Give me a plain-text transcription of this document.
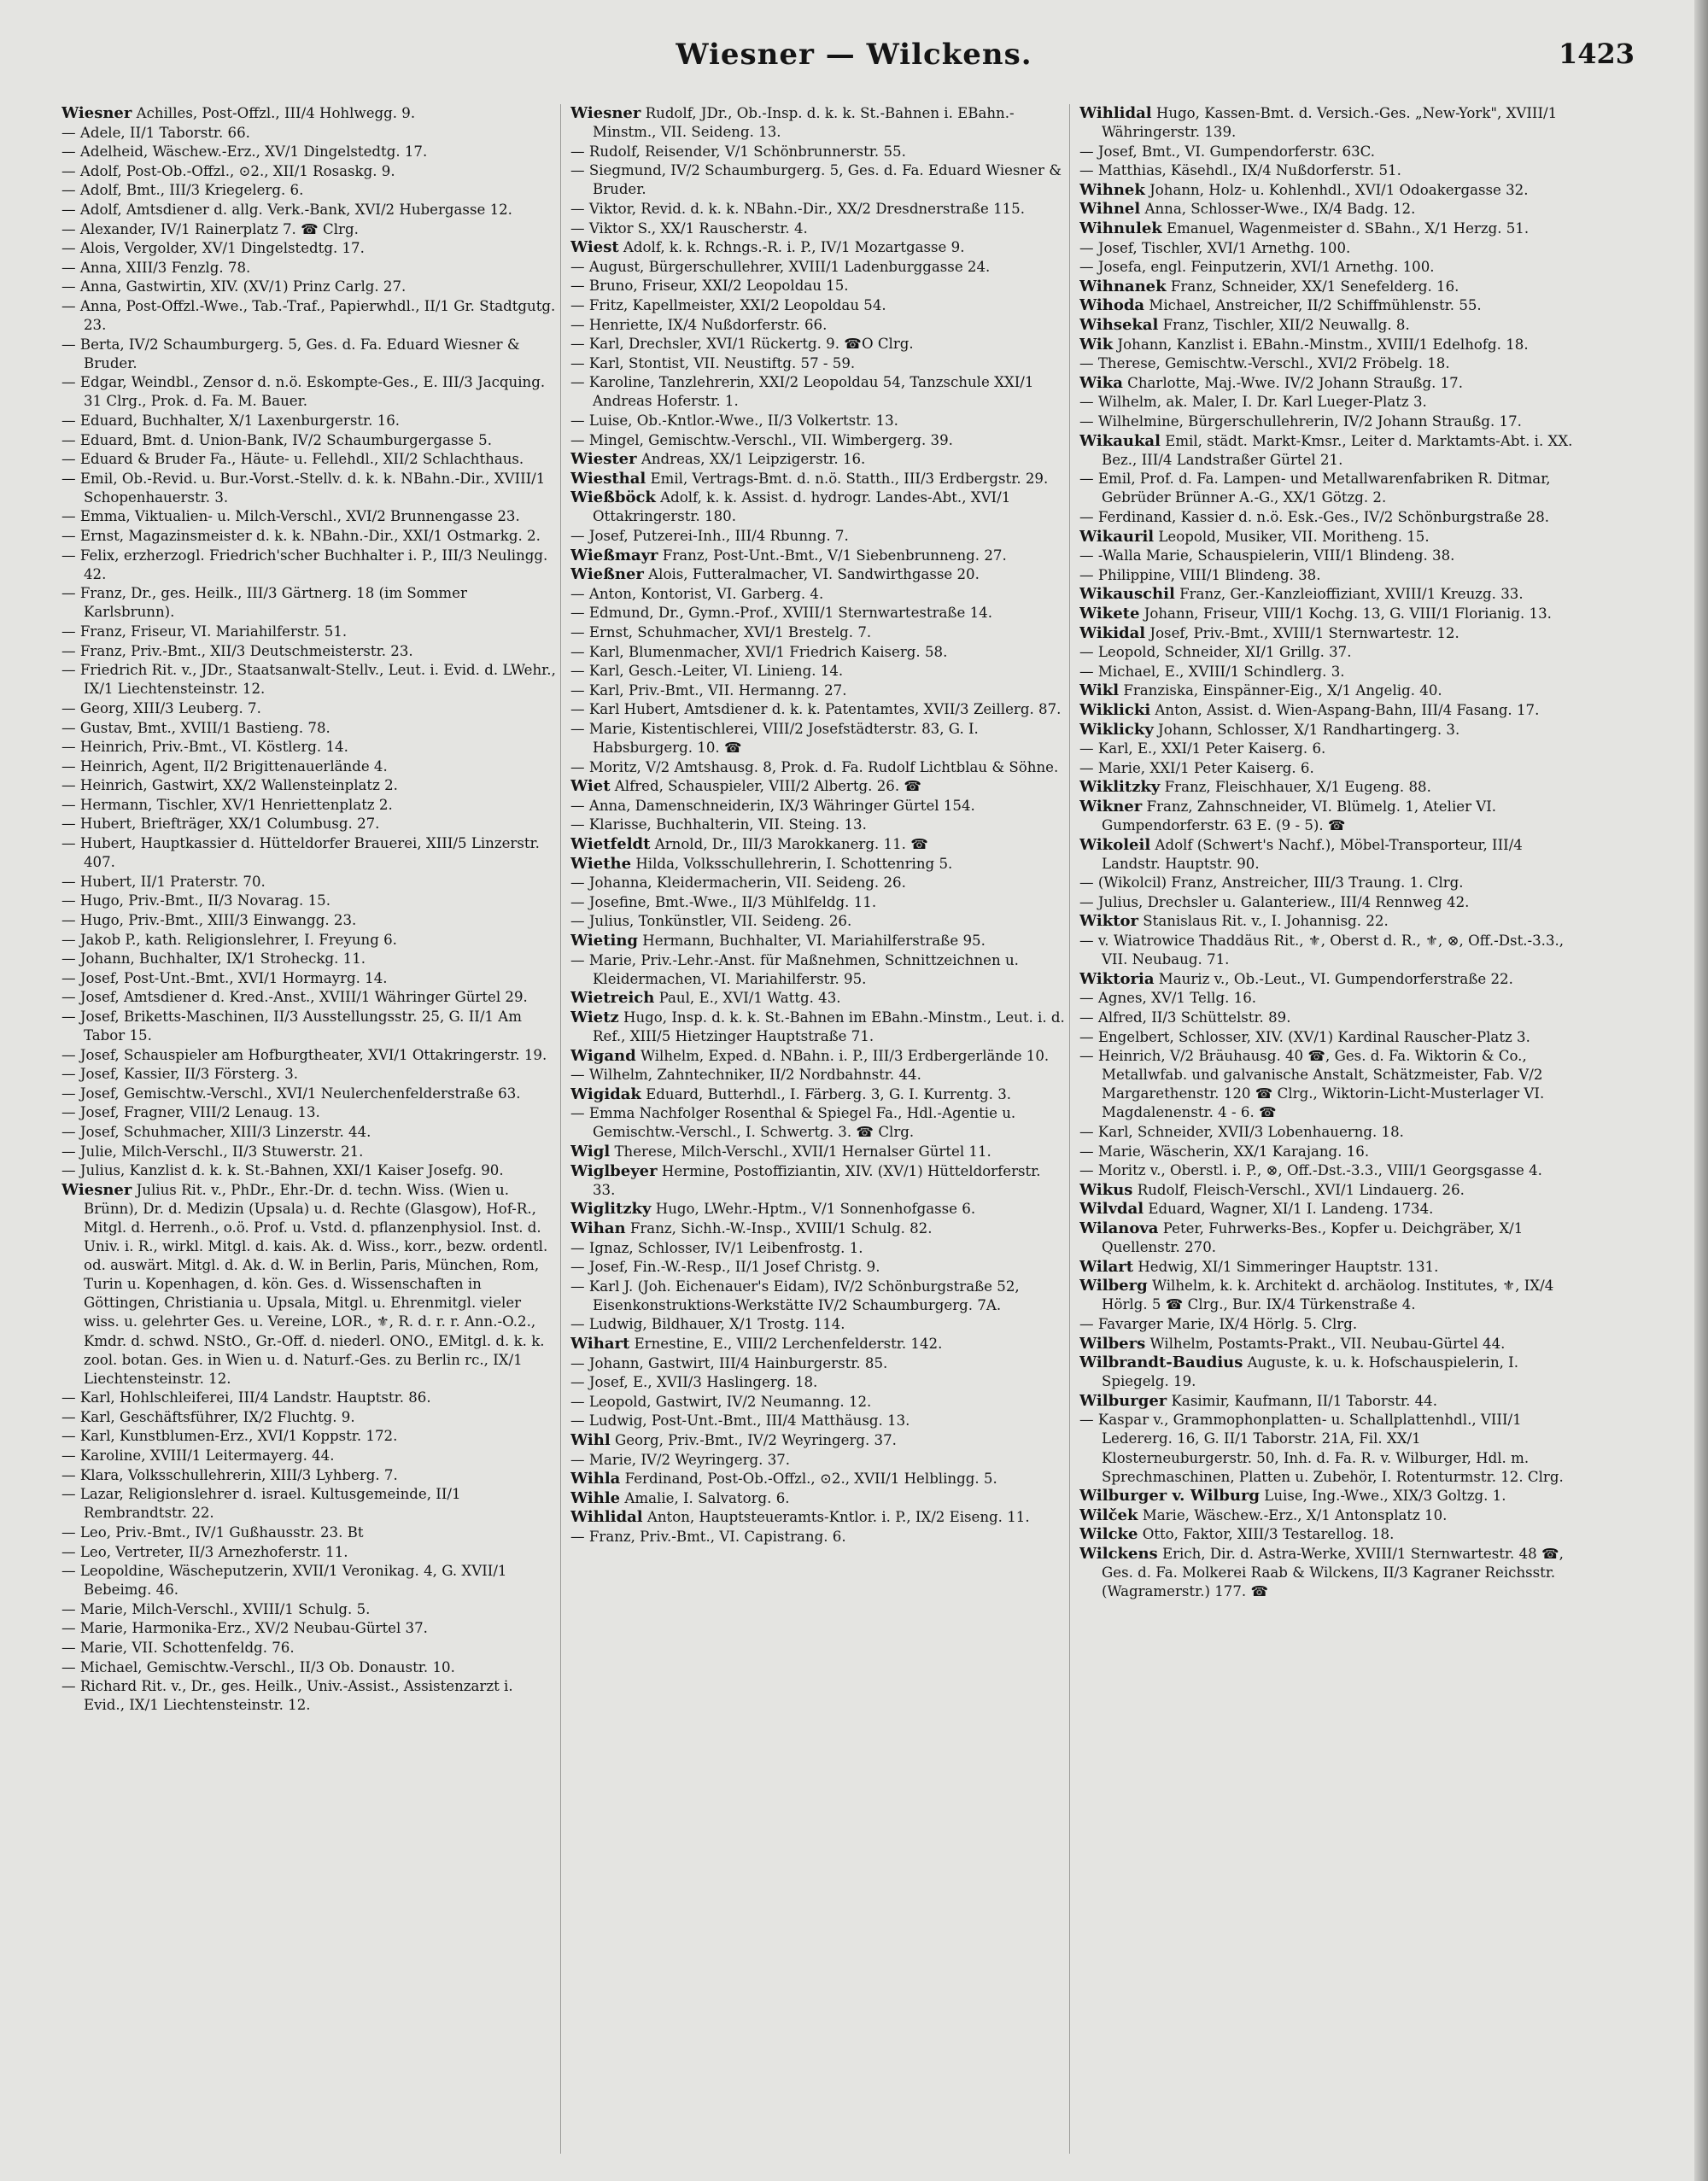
Wiesner — Wilckens.	1423
Wiesner Achilles, Post-Offzl., III/4 Hohlwegg. 9.
— Adele, II/1 Taborstr. 66.
— Adelheid, Wäschew.-Erz., XV/1 Dingelstedtg. 17.
— Adolf, Post-Ob.-Offzl., ⊙2., XII/1 Rosaskg. 9.
— Adolf, Bmt., III/3 Kriegelerg. 6.
— Adolf, Amtsdiener d. allg. Verk.-Bank, XVI/2 Hubergasse 12.
— Alexander, IV/1 Rainerplatz 7. ☎ Clrg.
— Alois, Vergolder, XV/1 Dingelstedtg. 17.
— Anna, XIII/3 Fenzlg. 78.
— Anna, Gastwirtin, XIV. (XV/1) Prinz Carlg. 27.
— Anna, Post-Offzl.-Wwe., Tab.-Traf., Papierwhdl., II/1 Gr. Stadtgutg. 23.
— Berta, IV/2 Schaumburgerg. 5, Ges. d. Fa. Eduard Wiesner & Bruder.
— Edgar, Weindbl., Zensor d. n.ö. Eskompte-Ges., E. III/3 Jacquing. 31 Clrg., Prok. d. Fa. M. Bauer.
— Eduard, Buchhalter, X/1 Laxenburgerstr. 16.
— Eduard, Bmt. d. Union-Bank, IV/2 Schaumburgergasse 5.
— Eduard & Bruder Fa., Häute- u. Fellehdl., XII/2 Schlachthaus.
— Emil, Ob.-Revid. u. Bur.-Vorst.-Stellv. d. k. k. NBahn.-Dir., XVIII/1 Schopenhauerstr. 3.
— Emma, Viktualien- u. Milch-Verschl., XVI/2 Brunnengasse 23.
— Ernst, Magazinsmeister d. k. k. NBahn.-Dir., XXI/1 Ostmarkg. 2.
— Felix, erzherzogl. Friedrich'scher Buchhalter i. P., III/3 Neulingg. 42.
— Franz, Dr., ges. Heilk., III/3 Gärtnerg. 18 (im Sommer Karlsbrunn).
— Franz, Friseur, VI. Mariahilferstr. 51.
— Franz, Priv.-Bmt., XII/3 Deutschmeisterstr. 23.
— Friedrich Rit. v., JDr., Staatsanwalt-Stellv., Leut. i. Evid. d. LWehr., IX/1 Liechtensteinstr. 12.
— Georg, XIII/3 Leuberg. 7.
— Gustav, Bmt., XVIII/1 Bastieng. 78.
— Heinrich, Priv.-Bmt., VI. Köstlerg. 14.
— Heinrich, Agent, II/2 Brigittenauerlände 4.
— Heinrich, Gastwirt, XX/2 Wallensteinplatz 2.
— Hermann, Tischler, XV/1 Henriettenplatz 2.
— Hubert, Briefträger, XX/1 Columbusg. 27.
— Hubert, Hauptkassier d. Hütteldorfer Brauerei, XIII/5 Linzerstr. 407.
— Hubert, II/1 Praterstr. 70.
— Hugo, Priv.-Bmt., II/3 Novarag. 15.
— Hugo, Priv.-Bmt., XIII/3 Einwangg. 23.
— Jakob P., kath. Religionslehrer, I. Freyung 6.
— Johann, Buchhalter, IX/1 Stroheckg. 11.
— Josef, Post-Unt.-Bmt., XVI/1 Hormayrg. 14.
— Josef, Amtsdiener d. Kred.-Anst., XVIII/1 Währinger Gürtel 29.
— Josef, Briketts-Maschinen, II/3 Ausstellungsstr. 25, G. II/1 Am Tabor 15.
— Josef, Schauspieler am Hofburgtheater, XVI/1 Ottakringerstr. 19.
— Josef, Kassier, II/3 Försterg. 3.
— Josef, Gemischtw.-Verschl., XVI/1 Neulerchenfelderstraße 63.
— Josef, Fragner, VIII/2 Lenaug. 13.
— Josef, Schuhmacher, XIII/3 Linzerstr. 44.
— Julie, Milch-Verschl., II/3 Stuwerstr. 21.
— Julius, Kanzlist d. k. k. St.-Bahnen, XXI/1 Kaiser Josefg. 90.
Wiesner Julius Rit. v., PhDr., Ehr.-Dr. d. techn. Wiss. (Wien u. Brünn), Dr. d. Medizin (Upsala) u. d. Rechte (Glasgow), Hof-R., Mitgl. d. Herrenh., o.ö. Prof. u. Vstd. d. pflanzenphysiol. Inst. d. Univ. i. R., wirkl. Mitgl. d. kais. Ak. d. Wiss., korr., bezw. ordentl. od. auswärt. Mitgl. d. Ak. d. W. in Berlin, Paris, München, Rom, Turin u. Kopenhagen, d. kön. Ges. d. Wissenschaften in Göttingen, Christiania u. Upsala, Mitgl. u. Ehrenmitgl. vieler wiss. u. gelehrter Ges. u. Vereine, LOR., ⚜, R. d. r. r. Ann.-O.2., Kmdr. d. schwd. NStO., Gr.-Off. d. niederl. ONO., EMitgl. d. k. k. zool. botan. Ges. in Wien u. d. Naturf.-Ges. zu Berlin rc., IX/1 Liechtensteinstr. 12.
— Karl, Hohlschleiferei, III/4 Landstr. Hauptstr. 86.
— Karl, Geschäftsführer, IX/2 Fluchtg. 9.
— Karl, Kunstblumen-Erz., XVI/1 Koppstr. 172.
— Karoline, XVIII/1 Leitermayerg. 44.
— Klara, Volksschullehrerin, XIII/3 Lyhberg. 7.
— Lazar, Religionslehrer d. israel. Kultusgemeinde, II/1 Rembrandtstr. 22.
— Leo, Priv.-Bmt., IV/1 Gußhausstr. 23. Bt
— Leo, Vertreter, II/3 Arnezhoferstr. 11.
— Leopoldine, Wäscheputzerin, XVII/1 Veronikag. 4, G. XVII/1 Bebeimg. 46.
— Marie, Milch-Verschl., XVIII/1 Schulg. 5.
— Marie, Harmonika-Erz., XV/2 Neubau-Gürtel 37.
— Marie, VII. Schottenfeldg. 76.
— Michael, Gemischtw.-Verschl., II/3 Ob. Donaustr. 10.
— Richard Rit. v., Dr., ges. Heilk., Univ.-Assist., Assistenzarzt i. Evid., IX/1 Liechtensteinstr. 12.
Wiesner Rudolf, JDr., Ob.-Insp. d. k. k. St.-Bahnen i. EBahn.-Minstm., VII. Seideng. 13.
— Rudolf, Reisender, V/1 Schönbrunnerstr. 55.
— Siegmund, IV/2 Schaumburgerg. 5, Ges. d. Fa. Eduard Wiesner & Bruder.
— Viktor, Revid. d. k. k. NBahn.-Dir., XX/2 Dresdnerstraße 115.
— Viktor S., XX/1 Rauscherstr. 4.
Wiest Adolf, k. k. Rchngs.-R. i. P., IV/1 Mozartgasse 9.
— August, Bürgerschullehrer, XVIII/1 Ladenburggasse 24.
— Bruno, Friseur, XXI/2 Leopoldau 15.
— Fritz, Kapellmeister, XXI/2 Leopoldau 54.
— Henriette, IX/4 Nußdorferstr. 66.
— Karl, Drechsler, XVI/1 Rückertg. 9. ☎O Clrg.
— Karl, Stontist, VII. Neustiftg. 57 - 59.
— Karoline, Tanzlehrerin, XXI/2 Leopoldau 54, Tanzschule XXI/1 Andreas Hoferstr. 1.
— Luise, Ob.-Kntlor.-Wwe., II/3 Volkertstr. 13.
— Mingel, Gemischtw.-Verschl., VII. Wimbergerg. 39.
Wiester Andreas, XX/1 Leipzigerstr. 16.
Wiesthal Emil, Vertrags-Bmt. d. n.ö. Statth., III/3 Erdbergstr. 29.
Wießböck Adolf, k. k. Assist. d. hydrogr. Landes-Abt., XVI/1 Ottakringerstr. 180.
— Josef, Putzerei-Inh., III/4 Rbunng. 7.
Wießmayr Franz, Post-Unt.-Bmt., V/1 Siebenbrunneng. 27.
Wießner Alois, Futteralmacher, VI. Sandwirthgasse 20.
— Anton, Kontorist, VI. Garberg. 4.
— Edmund, Dr., Gymn.-Prof., XVIII/1 Sternwartestraße 14.
— Ernst, Schuhmacher, XVI/1 Brestelg. 7.
— Karl, Blumenmacher, XVI/1 Friedrich Kaiserg. 58.
— Karl, Gesch.-Leiter, VI. Linieng. 14.
— Karl, Priv.-Bmt., VII. Hermanng. 27.
— Karl Hubert, Amtsdiener d. k. k. Patentamtes, XVII/3 Zeillerg. 87.
— Marie, Kistentischlerei, VIII/2 Josefstädterstr. 83, G. I. Habsburgerg. 10. ☎
— Moritz, V/2 Amtshausg. 8, Prok. d. Fa. Rudolf Lichtblau & Söhne.
Wiet Alfred, Schauspieler, VIII/2 Albertg. 26. ☎
— Anna, Damenschneiderin, IX/3 Währinger Gürtel 154.
— Klarisse, Buchhalterin, VII. Steing. 13.
Wietfeldt Arnold, Dr., III/3 Marokkanerg. 11. ☎
Wiethe Hilda, Volksschullehrerin, I. Schottenring 5.
— Johanna, Kleidermacherin, VII. Seideng. 26.
— Josefine, Bmt.-Wwe., II/3 Mühlfeldg. 11.
— Julius, Tonkünstler, VII. Seideng. 26.
Wieting Hermann, Buchhalter, VI. Mariahilferstraße 95.
— Marie, Priv.-Lehr.-Anst. für Maßnehmen, Schnittzeichnen u. Kleidermachen, VI. Mariahilferstr. 95.
Wietreich Paul, E., XVI/1 Wattg. 43.
Wietz Hugo, Insp. d. k. k. St.-Bahnen im EBahn.-Minstm., Leut. i. d. Ref., XIII/5 Hietzinger Hauptstraße 71.
Wigand Wilhelm, Exped. d. NBahn. i. P., III/3 Erdbergerlände 10.
— Wilhelm, Zahntechniker, II/2 Nordbahnstr. 44.
Wigidak Eduard, Butterhdl., I. Färberg. 3, G. I. Kurrentg. 3.
— Emma Nachfolger Rosenthal & Spiegel Fa., Hdl.-Agentie u. Gemischtw.-Verschl., I. Schwertg. 3. ☎ Clrg.
Wigl Therese, Milch-Verschl., XVII/1 Hernalser Gürtel 11.
Wiglbeyer Hermine, Postoffiziantin, XIV. (XV/1) Hütteldorferstr. 33.
Wiglitzky Hugo, LWehr.-Hptm., V/1 Sonnenhofgasse 6.
Wihan Franz, Sichh.-W.-Insp., XVIII/1 Schulg. 82.
— Ignaz, Schlosser, IV/1 Leibenfrostg. 1.
— Josef, Fin.-W.-Resp., II/1 Josef Christg. 9.
— Karl J. (Joh. Eichenauer's Eidam), IV/2 Schönburgstraße 52, Eisenkonstruktions-Werkstätte IV/2 Schaumburgerg. 7A.
— Ludwig, Bildhauer, X/1 Trostg. 114.
Wihart Ernestine, E., VIII/2 Lerchenfelderstr. 142.
— Johann, Gastwirt, III/4 Hainburgerstr. 85.
— Josef, E., XVII/3 Haslingerg. 18.
— Leopold, Gastwirt, IV/2 Neumanng. 12.
— Ludwig, Post-Unt.-Bmt., III/4 Matthäusg. 13.
Wihl Georg, Priv.-Bmt., IV/2 Weyringerg. 37.
— Marie, IV/2 Weyringerg. 37.
Wihla Ferdinand, Post-Ob.-Offzl., ⊙2., XVII/1 Helblingg. 5.
Wihle Amalie, I. Salvatorg. 6.
Wihlidal Anton, Hauptsteueramts-Kntlor. i. P., IX/2 Eiseng. 11.
— Franz, Priv.-Bmt., VI. Capistrang. 6.
Wihlidal Hugo, Kassen-Bmt. d. Versich.-Ges. „New-York", XVIII/1 Währingerstr. 139.
— Josef, Bmt., VI. Gumpendorferstr. 63C.
— Matthias, Käsehdl., IX/4 Nußdorferstr. 51.
Wihnek Johann, Holz- u. Kohlenhdl., XVI/1 Odoakergasse 32.
Wihnel Anna, Schlosser-Wwe., IX/4 Badg. 12.
Wihnulek Emanuel, Wagenmeister d. SBahn., X/1 Herzg. 51.
— Josef, Tischler, XVI/1 Arnethg. 100.
— Josefa, engl. Feinputzerin, XVI/1 Arnethg. 100.
Wihnanek Franz, Schneider, XX/1 Senefelderg. 16.
Wihoda Michael, Anstreicher, II/2 Schiffmühlenstr. 55.
Wihsekal Franz, Tischler, XII/2 Neuwallg. 8.
Wik Johann, Kanzlist i. EBahn.-Minstm., XVIII/1 Edelhofg. 18.
— Therese, Gemischtw.-Verschl., XVI/2 Fröbelg. 18.
Wika Charlotte, Maj.-Wwe. IV/2 Johann Straußg. 17.
— Wilhelm, ak. Maler, I. Dr. Karl Lueger-Platz 3.
— Wilhelmine, Bürgerschullehrerin, IV/2 Johann Straußg. 17.
Wikaukal Emil, städt. Markt-Kmsr., Leiter d. Marktamts-Abt. i. XX. Bez., III/4 Landstraßer Gürtel 21.
— Emil, Prof. d. Fa. Lampen- und Metallwarenfabriken R. Ditmar, Gebrüder Brünner A.-G., XX/1 Götzg. 2.
— Ferdinand, Kassier d. n.ö. Esk.-Ges., IV/2 Schönburgstraße 28.
Wikauril Leopold, Musiker, VII. Moritheng. 15.
— -Walla Marie, Schauspielerin, VIII/1 Blindeng. 38.
— Philippine, VIII/1 Blindeng. 38.
Wikauschil Franz, Ger.-Kanzleioffiziant, XVIII/1 Kreuzg. 33.
Wikete Johann, Friseur, VIII/1 Kochg. 13, G. VIII/1 Florianig. 13.
Wikidal Josef, Priv.-Bmt., XVIII/1 Sternwartestr. 12.
— Leopold, Schneider, XI/1 Grillg. 37.
— Michael, E., XVIII/1 Schindlerg. 3.
Wikl Franziska, Einspänner-Eig., X/1 Angelig. 40.
Wiklicki Anton, Assist. d. Wien-Aspang-Bahn, III/4 Fasang. 17.
Wiklicky Johann, Schlosser, X/1 Randhartingerg. 3.
— Karl, E., XXI/1 Peter Kaiserg. 6.
— Marie, XXI/1 Peter Kaiserg. 6.
Wiklitzky Franz, Fleischhauer, X/1 Eugeng. 88.
Wikner Franz, Zahnschneider, VI. Blümelg. 1, Atelier VI. Gumpendorferstr. 63 E. (9 - 5). ☎
Wikoleil Adolf (Schwert's Nachf.), Möbel-Transporteur, III/4 Landstr. Hauptstr. 90.
— (Wikolcil) Franz, Anstreicher, III/3 Traung. 1. Clrg.
— Julius, Drechsler u. Galanteriew., III/4 Rennweg 42.
Wiktor Stanislaus Rit. v., I. Johannisg. 22.
— v. Wiatrowice Thaddäus Rit., ⚜, Oberst d. R., ⚜, ⊗, Off.-Dst.-3.3., VII. Neubaug. 71.
Wiktoria Mauriz v., Ob.-Leut., VI. Gumpendorferstraße 22.
— Agnes, XV/1 Tellg. 16.
— Alfred, II/3 Schüttelstr. 89.
— Engelbert, Schlosser, XIV. (XV/1) Kardinal Rauscher-Platz 3.
— Heinrich, V/2 Bräuhausg. 40 ☎, Ges. d. Fa. Wiktorin & Co., Metallwfab. und galvanische Anstalt, Schätzmeister, Fab. V/2 Margarethenstr. 120 ☎ Clrg., Wiktorin-Licht-Musterlager VI. Magdalenenstr. 4 - 6. ☎
— Karl, Schneider, XVII/3 Lobenhauerng. 18.
— Marie, Wäscherin, XX/1 Karajang. 16.
— Moritz v., Oberstl. i. P., ⊗, Off.-Dst.-3.3., VIII/1 Georgsgasse 4.
Wikus Rudolf, Fleisch-Verschl., XVI/1 Lindauerg. 26.
Wilvdal Eduard, Wagner, XI/1 I. Landeng. 1734.
Wilanova Peter, Fuhrwerks-Bes., Kopfer u. Deichgräber, X/1 Quellenstr. 270.
Wilart Hedwig, XI/1 Simmeringer Hauptstr. 131.
Wilberg Wilhelm, k. k. Architekt d. archäolog. Institutes, ⚜, IX/4 Hörlg. 5 ☎ Clrg., Bur. IX/4 Türkenstraße 4.
— Favarger Marie, IX/4 Hörlg. 5. Clrg.
Wilbers Wilhelm, Postamts-Prakt., VII. Neubau-Gürtel 44.
Wilbrandt-Baudius Auguste, k. u. k. Hofschauspielerin, I. Spiegelg. 19.
Wilburger Kasimir, Kaufmann, II/1 Taborstr. 44.
— Kaspar v., Grammophonplatten- u. Schallplattenhdl., VIII/1 Ledererg. 16, G. II/1 Taborstr. 21A, Fil. XX/1 Klosterneuburgerstr. 50, Inh. d. Fa. R. v. Wilburger, Hdl. m. Sprechmaschinen, Platten u. Zubehör, I. Rotenturmstr. 12. Clrg.
Wilburger v. Wilburg Luise, Ing.-Wwe., XIX/3 Goltzg. 1.
Wilček Marie, Wäschew.-Erz., X/1 Antonsplatz 10.
Wilcke Otto, Faktor, XIII/3 Testarellog. 18.
Wilckens Erich, Dir. d. Astra-Werke, XVIII/1 Sternwartestr. 48 ☎, Ges. d. Fa. Molkerei Raab & Wilckens, II/3 Kagraner Reichsstr. (Wagramerstr.) 177. ☎
